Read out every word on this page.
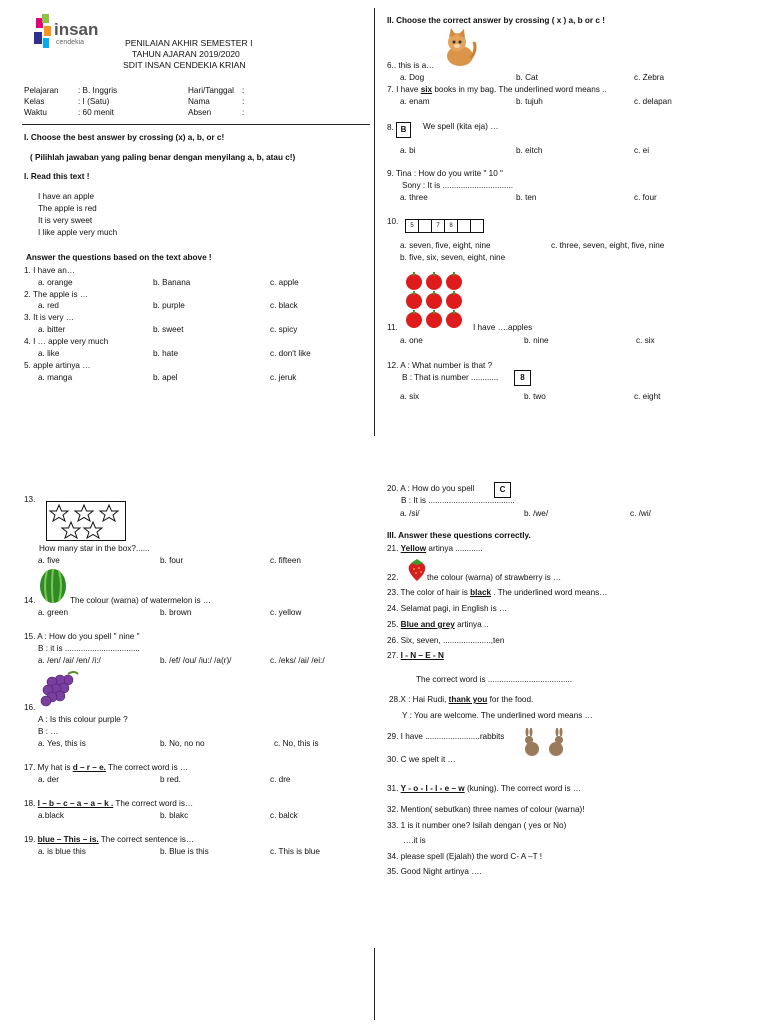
insan
cendekia	PENILAIAN AKHIR SEMESTER I
TAHUN AJARAN 2019/2020
SDIT INSAN CENDEKIA KRIAN
Pelajaran : B. Inggris
Kelas	: I (Satu)
Waktu	: 60 menit
Hari/Tanggal :
Nama	:
Absen	:
I. Choose the best answer by crossing (x) a, b, or c!
( Pilihlah jawaban yang paling benar dengan menyilang a, b, atau c!)
I. Read this text !
I have an apple
The apple is red
It is very sweet
I like apple very much
Answer the questions based on the text above !
1. I have an…
a. orange	b. Banana	c. apple
2. The apple is …
a. red	b. purple	c. black
3. It is very …
a. bitter	b. sweet	c. spicy
4. I … apple very much
a. like	b. hate	c. don't like
5. apple artinya …
a. manga	b. apel	c. jeruk
II. Choose the correct answer by crossing ( x ) a, b or c !
6.. this is a…
a. Dog	b. Cat	c. Zebra
7. I have six books in my bag. The underlined word means ..
a. enam	b. tujuh	c. delapan
8. B	We spell (kita eja) …
a. bi	b. eitch	c. ei
9. Tina : How do you write " 10 "
Sony : It is ...............................
a. three	b. ten	c. four
10.	5	7	8
a. seven, five, eight, nine	c. three, seven, eight, five, nine
b. five, six, seven, eight, nine
11.	I have ….apples
a. one	b. nine	c. six
12. A : What number is that ?
B : That is number ............	8
a. six	b. two	c. eight
13.
How many star in the box?......
a. five	b. four	c. fifteen
14.	The colour (warna) of watermelon is …
a. green	b. brown	c. yellow
15. A : How do you spell " nine "
B : it is .................................
a. /en/ /ai/ /en/ /i:/	b. /ef/ /ou/ /iu:/ /a(r)/	c. /eks/ /ai/ /ei:/
16.
A : Is this colour purple ?
B : …
a. Yes, this is	b. No, no no	c. No, this is
17. My hat is d – r – e. The correct word is …
a. der	b red.	c. dre
18. l – b – c – a – a – k . The correct word is…
a.black	b. blakc	c. balck
19. blue – This – is. The correct sentence is…
a. is blue this	b. Blue is this	c. This is blue
20. A : How do you spell	C
B : It is ......................................
a. /si/	b. /we/	c. /wi/
III. Answer these questions correctly.
21. Yellow artinya ............
22.	the colour (warna) of strawberry is …
23. The color of hair is black . The underlined word means…
24. Selamat pagi, in English is …
25. Blue and grey artinya ..
26. Six, seven, .....................,ten
27. I - N – E - N
The correct word is .....................................
28.X : Hai Rudi, thank you for the food.
Y : You are welcome. The underlined word means …
29. I have ........................rabbits
30. C we spelt it …
31. Y - o - l - l - e – w (kuning). The correct word is …
32. Mention( sebutkan) three names of colour (warna)!
33. 1 is it number one? Isilah dengan ( yes or No)
….it is
34. please spell (Ejalah) the word C- A –T !
35. Good Night artinya ….
